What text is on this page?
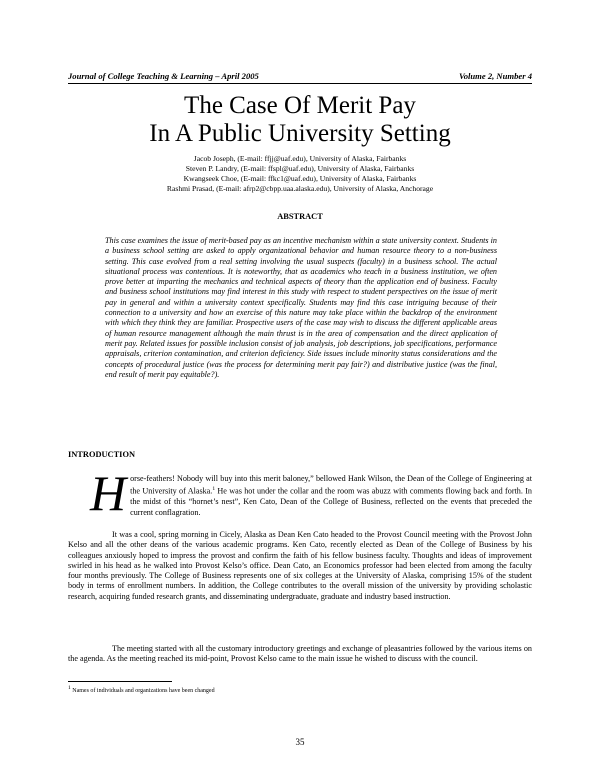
Journal of College Teaching & Learning – April 2005	Volume 2, Number 4
The Case Of Merit Pay
In A Public University Setting
Jacob Joseph, (E-mail: ffjj@uaf.edu), University of Alaska, Fairbanks
Steven P. Landry, (E-mail: ffspl@uaf.edu), University of Alaska, Fairbanks
Kwangseek Choe, (E-mail: ffkc1@uaf.edu), University of Alaska, Fairbanks
Rashmi Prasad, (E-mail: afrp2@cbpp.uaa.alaska.edu), University of Alaska, Anchorage
ABSTRACT

This case examines the issue of merit-based pay as an incentive mechanism within a state university context. Students in a business school setting are asked to apply organizational behavior and human resource theory to a non-business setting. This case evolved from a real setting involving the usual suspects (faculty) in a business school. The actual situational process was contentious. It is noteworthy, that as academics who teach in a business institution, we often prove better at imparting the mechanics and technical aspects of theory than the application end of business. Faculty and business school institutions may find interest in this study with respect to student perspectives on the issue of merit pay in general and within a university context specifically. Students may find this case intriguing because of their connection to a university and how an exercise of this nature may take place within the backdrop of the environment with which they think they are familiar. Prospective users of the case may wish to discuss the different applicable areas of human resource management although the main thrust is in the area of compensation and the direct application of merit pay. Related issues for possible inclusion consist of job analysis, job descriptions, job specifications, performance appraisals, criterion contamination, and criterion deficiency. Side issues include minority status considerations and the concepts of procedural justice (was the process for determining merit pay fair?) and distributive justice (was the final, end result of merit pay equitable?).

INTRODUCTION

Horse-feathers! Nobody will buy into this merit baloney,” bellowed Hank Wilson, the Dean of the College of Engineering at the University of Alaska.$^1$ He was hot under the collar and the room was abuzz with comments flowing back and forth. In the midst of this “hornet’s nest”, Ken Cato, Dean of the College of Business, reflected on the events that preceded the current conflagration.

It was a cool, spring morning in Cicely, Alaska as Dean Ken Cato headed to the Provost Council meeting with the Provost John Kelso and all the other deans of the various academic programs. Ken Cato, recently elected as Dean of the College of Business by his colleagues anxiously hoped to impress the provost and confirm the faith of his fellow business faculty. Thoughts and ideas of improvement swirled in his head as he walked into Provost Kelso’s office. Dean Cato, an Economics professor had been elected from among the faculty four months previously. The College of Business represents one of six colleges at the University of Alaska, comprising 15% of the student body in terms of enrollment numbers. In addition, the College contributes to the overall mission of the university by providing scholastic research, acquiring funded research grants, and disseminating undergraduate, graduate and industry based instruction.

The meeting started with all the customary introductory greetings and exchange of pleasantries followed by the various items on the agenda. As the meeting reached its mid-point, Provost Kelso came to the main issue he wished to discuss with the council.

$^1$ Names of individuals and organizations have been changed
35
